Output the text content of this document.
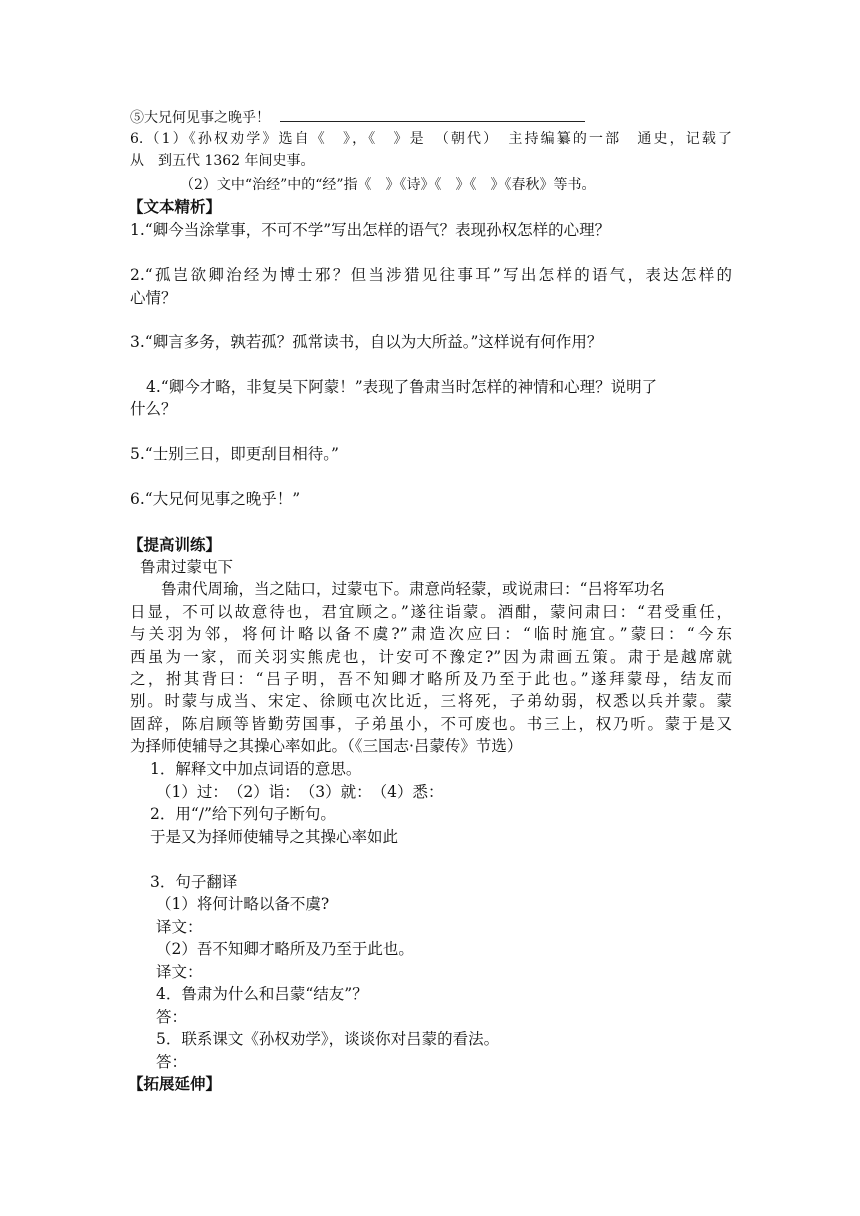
⑤大兄何见事之晚乎！
6.（1）《孙权劝学》选自《　》，《　》是　（朝代）　主持编纂的一部　通史，记载了
从　到五代 1362 年间史事。
（2）文中“治经”中的“经”指《　》《诗》《　》《　》《春秋》等书。
【文本精析】
1.“卿今当涂掌事，不可不学”写出怎样的语气？表现孙权怎样的心理？
2.“孤岂欲卿治经为博士邪？但当涉猎见往事耳”写出怎样的语气，表达怎样的
心情？
3.“卿言多务，孰若孤？孤常读书，自以为大所益。”这样说有何作用？
4.“卿今才略，非复吴下阿蒙！”表现了鲁肃当时怎样的神情和心理？说明了
什么？
5.“士别三日，即更刮目相待。”
6.“大兄何见事之晚乎！”
【提高训练】
鲁肃过蒙屯下
鲁肃代周瑜，当之陆口，过蒙屯下。肃意尚轻蒙，或说肃曰：“吕将军功名
日显，不可以故意待也，君宜顾之。”遂往诣蒙。酒酣，蒙问肃曰：“君受重任，
与关羽为邻，将何计略以备不虞?”肃造次应曰：“临时施宜。”蒙曰：“今东
西虽为一家，而关羽实熊虎也，计安可不豫定?”因为肃画五策。肃于是越席就
之，拊其背曰：“吕子明，吾不知卿才略所及乃至于此也。”遂拜蒙母，结友而
别。时蒙与成当、宋定、徐顾屯次比近，三将死，子弟幼弱，权悉以兵并蒙。蒙
固辞，陈启顾等皆勤劳国事，子弟虽小，不可废也。书三上，权乃听。蒙于是又
为择师使辅导之其操心率如此。（《三国志·吕蒙传》节选）
1．解释文中加点词语的意思。
（1）过：　（2）诣：　（3）就：　（4）悉：
2．用“/”给下列句子断句。
于是又为择师使辅导之其操心率如此
3．句子翻译
（1）将何计略以备不虞?
译文：
（2）吾不知卿才略所及乃至于此也。
译文：
4．鲁肃为什么和吕蒙“结友”？
答：
5．联系课文《孙权劝学》，谈谈你对吕蒙的看法。
答：
【拓展延伸】
